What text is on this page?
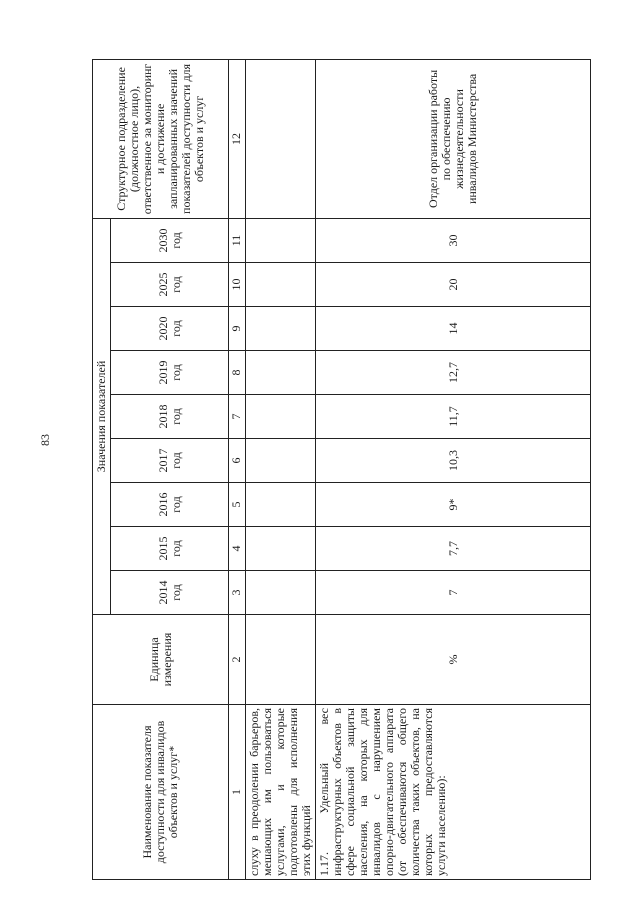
83
Наименование показателя доступности для инвалидов объектов и услуг*	Единица измерения	Значения показателей									Структурное подразделение (должностное лицо), ответственное за мониторинг и достижение запланированных значений показателей доступности для объектов и услуг
		2014 год	2015 год	2016 год	2017 год	2018 год	2019 год	2020 год	2025 год	2030 год	
1	2	3	4	5	6	7	8	9	10	11	12
слуху в преодолении барьеров, мешающих им пользоваться услугами, и которые подготовлены для исполнения этих функций											
1.17. Удельный вес инфраструктурных объектов в сфере социальной защиты населения, на которых для инвалидов с нарушением опорно-двигательного аппарата (от обеспечиваются общего количества таких объектов, на которых предоставляются услуги населению):	%	7	7,7	9*	10,3	11,7	12,7	14	20	30	Отдел организации работы по обеспечению жизнедеятельности инвалидов Министерства
